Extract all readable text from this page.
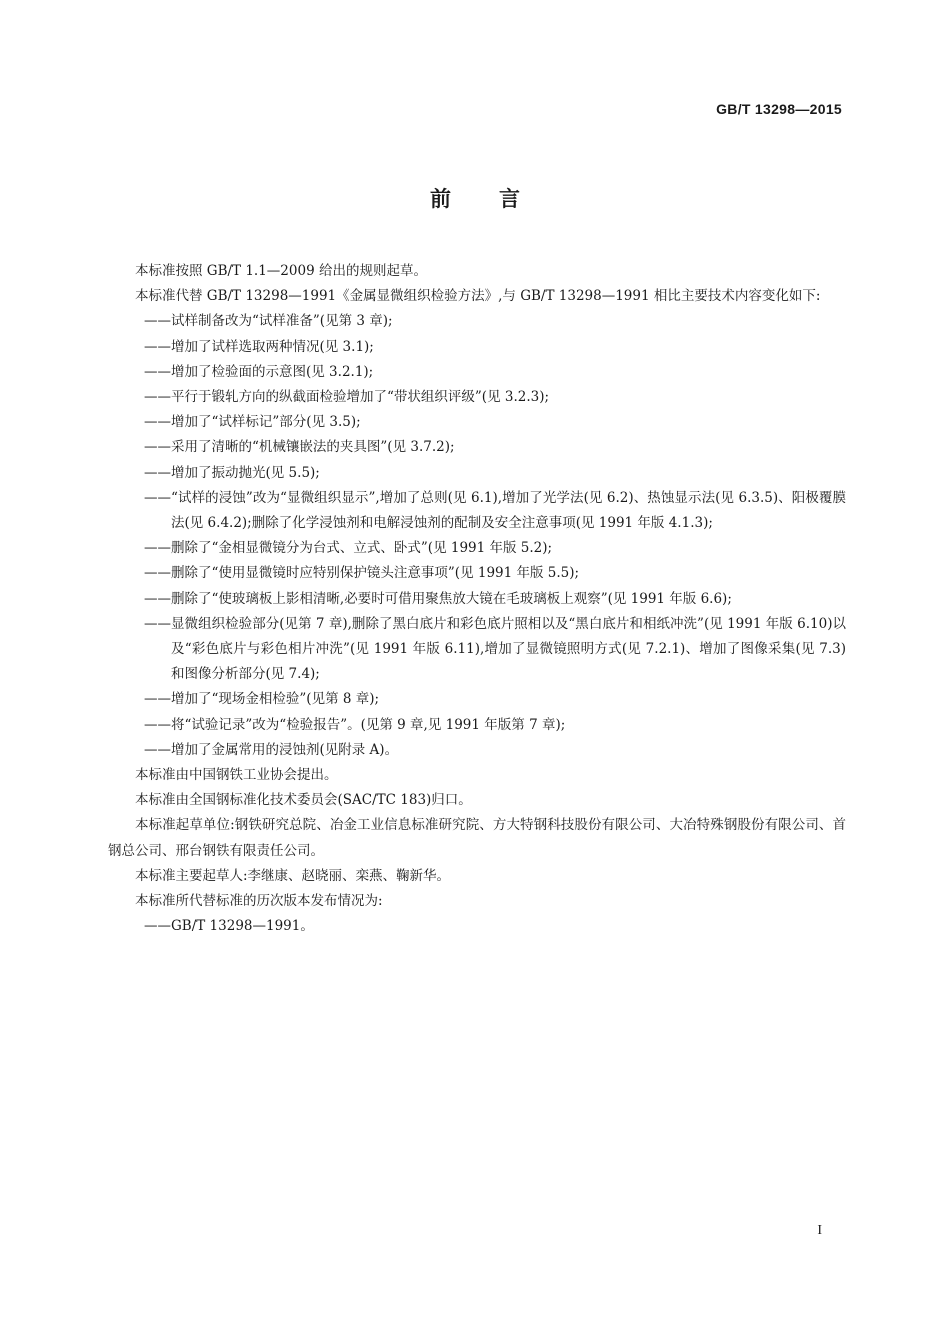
GB/T 13298—2015
前言

本标准按照 GB/T 1.1—2009 给出的规则起草。

本标准代替 GB/T 13298—1991《金属显微组织检验方法》,与 GB/T 13298—1991 相比主要技术内容变化如下:

——试样制备改为“试样准备”(见第 3 章);

——增加了试样选取两种情况(见 3.1);

——增加了检验面的示意图(见 3.2.1);

——平行于锻轧方向的纵截面检验增加了“带状组织评级”(见 3.2.3);

——增加了“试样标记”部分(见 3.5);

——采用了清晰的“机械镶嵌法的夹具图”(见 3.7.2);

——增加了振动抛光(见 5.5);

——“试样的浸蚀”改为“显微组织显示”,增加了总则(见 6.1),增加了光学法(见 6.2)、热蚀显示法(见 6.3.5)、阳极覆膜法(见 6.4.2);删除了化学浸蚀剂和电解浸蚀剂的配制及安全注意事项(见 1991 年版 4.1.3);

——删除了“金相显微镜分为台式、立式、卧式”(见 1991 年版 5.2);

——删除了“使用显微镜时应特别保护镜头注意事项”(见 1991 年版 5.5);

——删除了“使玻璃板上影相清晰,必要时可借用聚焦放大镜在毛玻璃板上观察”(见 1991 年版 6.6);

——显微组织检验部分(见第 7 章),删除了黑白底片和彩色底片照相以及“黑白底片和相纸冲洗”(见 1991 年版 6.10)以及“彩色底片与彩色相片冲洗”(见 1991 年版 6.11),增加了显微镜照明方式(见 7.2.1)、增加了图像采集(见 7.3)和图像分析部分(见 7.4);

——增加了“现场金相检验”(见第 8 章);

——将“试验记录”改为“检验报告”。(见第 9 章,见 1991 年版第 7 章);

——增加了金属常用的浸蚀剂(见附录 A)。

本标准由中国钢铁工业协会提出。

本标准由全国钢标准化技术委员会(SAC/TC 183)归口。

本标准起草单位:钢铁研究总院、冶金工业信息标准研究院、方大特钢科技股份有限公司、大冶特殊钢股份有限公司、首钢总公司、邢台钢铁有限责任公司。

本标准主要起草人:李继康、赵晓丽、栾燕、鞠新华。

本标准所代替标准的历次版本发布情况为:

——GB/T 13298—1991。

I
